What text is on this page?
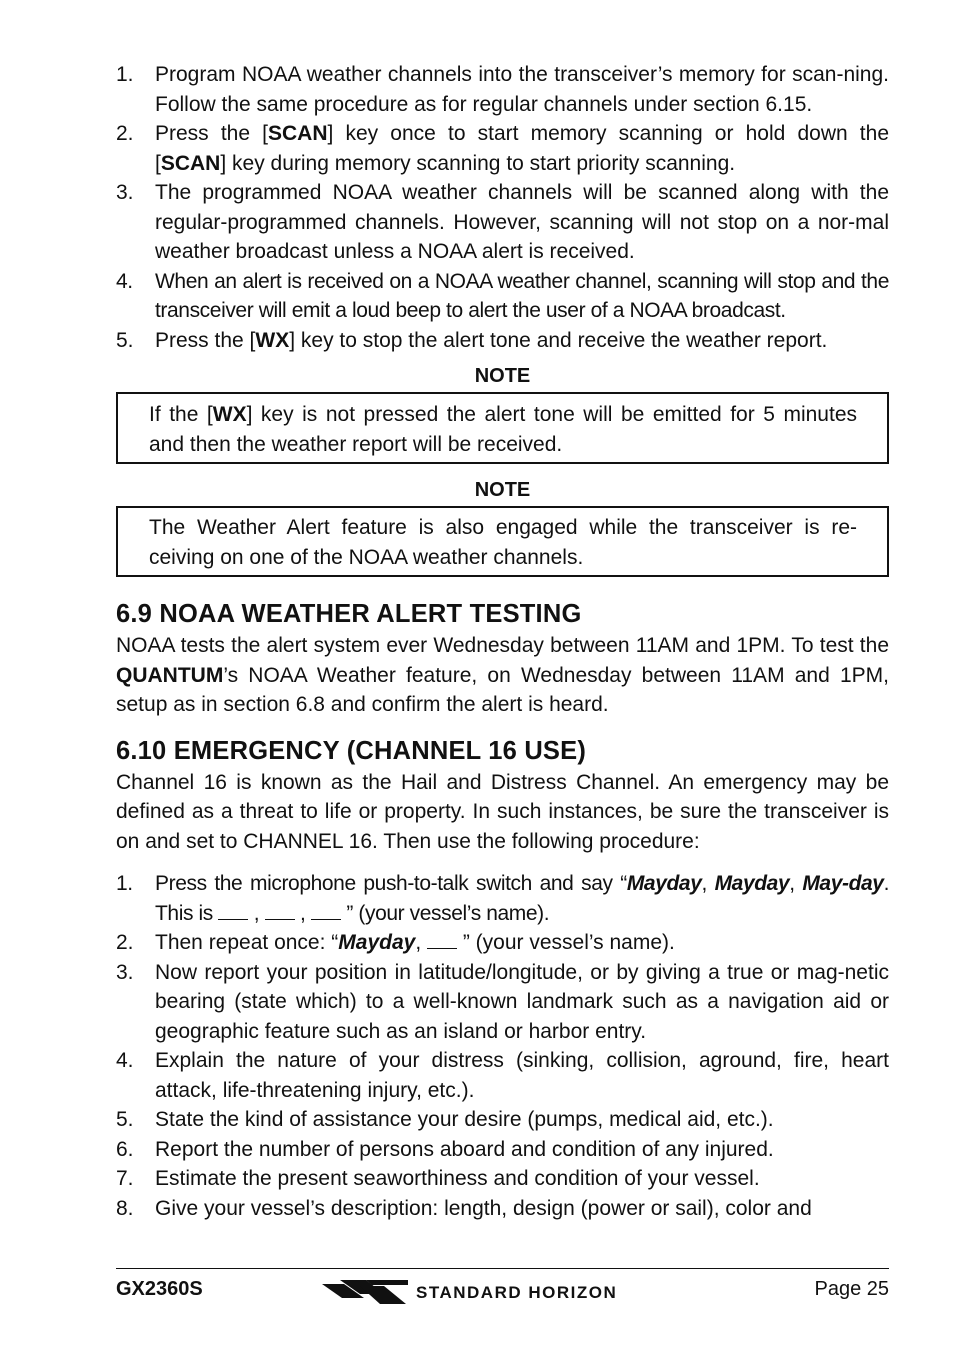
1. Program NOAA weather channels into the transceiver’s memory for scan-ning. Follow the same procedure as for regular channels under section 6.15.
2. Press the [SCAN] key once to start memory scanning or hold down the [SCAN] key during memory scanning to start priority scanning.
3. The programmed NOAA weather channels will be scanned along with the regular-programmed channels. However, scanning will not stop on a nor-mal weather broadcast unless a NOAA alert is received.
4. When an alert is received on a NOAA weather channel, scanning will stop and the transceiver will emit a loud beep to alert the user of a NOAA broadcast.
5. Press the [WX] key to stop the alert tone and receive the weather report.
NOTE
If the [WX] key is not pressed the alert tone will be emitted for 5 minutes and then the weather report will be received.
NOTE
The Weather Alert feature is also engaged while the transceiver is re-ceiving on one of the NOAA weather channels.
6.9 NOAA WEATHER ALERT TESTING

NOAA tests the alert system ever Wednesday between 11AM and 1PM. To test the QUANTUM’s NOAA Weather feature, on Wednesday between 11AM and 1PM, setup as in section 6.8 and confirm the alert is heard.

6.10 EMERGENCY (CHANNEL 16 USE)

Channel 16 is known as the Hail and Distress Channel. An emergency may be defined as a threat to life or property. In such instances, be sure the transceiver is on and set to CHANNEL 16. Then use the following procedure:

1. Press the microphone push-to-talk switch and say “Mayday, Mayday, May-day. This is  ,  ,  ” (your vessel’s name).
2. Then repeat once: “Mayday,  ” (your vessel’s name).
3. Now report your position in latitude/longitude, or by giving a true or mag-netic bearing (state which) to a well-known landmark such as a navigation aid or geographic feature such as an island or harbor entry.
4. Explain the nature of your distress (sinking, collision, aground, fire, heart attack, life-threatening injury, etc.).
5. State the kind of assistance your desire (pumps, medical aid, etc.).
6. Report the number of persons aboard and condition of any injured.
7. Estimate the present seaworthiness and condition of your vessel.
8. Give your vessel’s description: length, design (power or sail), color and
GX2360S	STANDARD HORIZON	Page 25
